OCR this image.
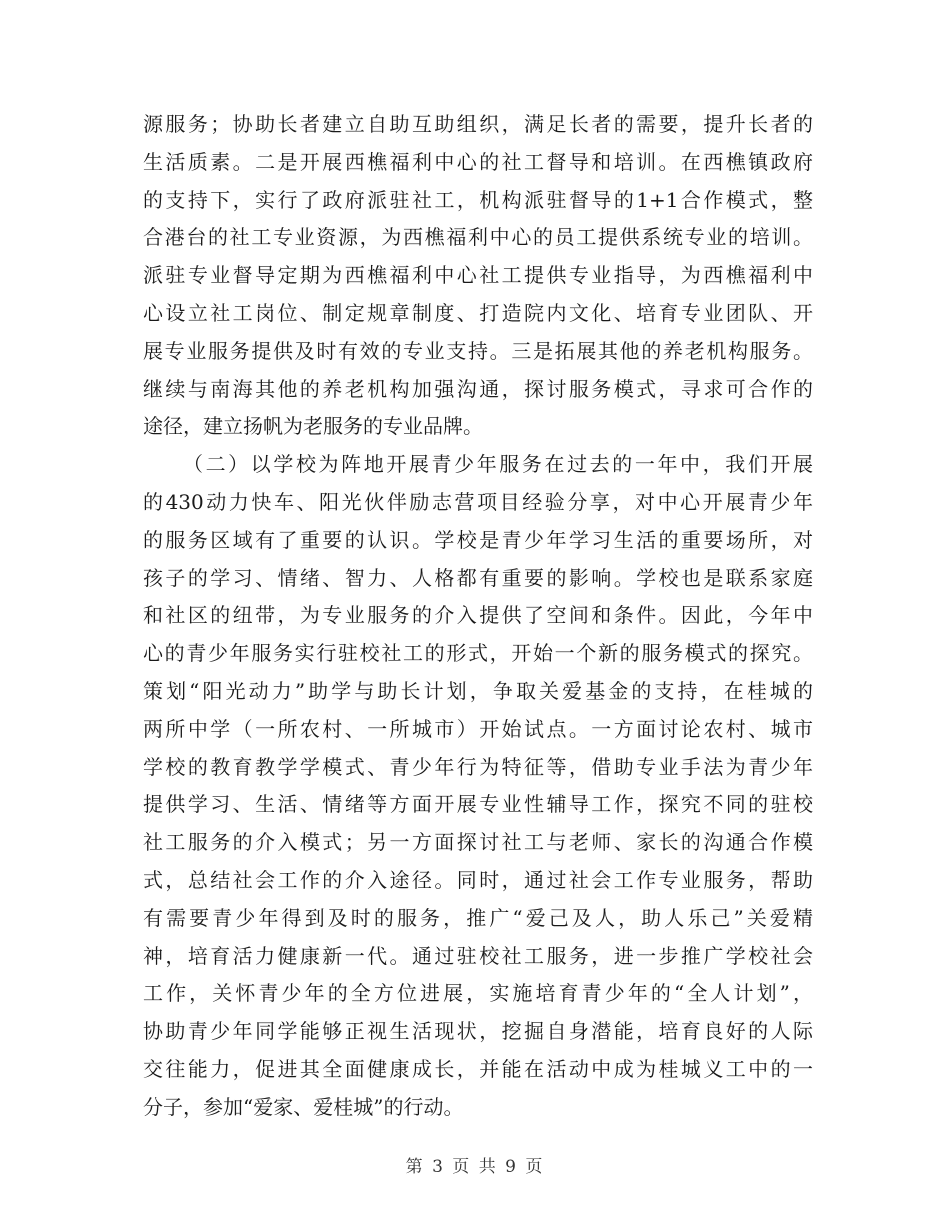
源服务；协助长者建立自助互助组织，满足长者的需要，提升长者的
生活质素。二是开展西樵福利中心的社工督导和培训。在西樵镇政府
的支持下，实行了政府派驻社工，机构派驻督导的1+1合作模式，整
合港台的社工专业资源，为西樵福利中心的员工提供系统专业的培训。
派驻专业督导定期为西樵福利中心社工提供专业指导，为西樵福利中
心设立社工岗位、制定规章制度、打造院内文化、培育专业团队、开
展专业服务提供及时有效的专业支持。三是拓展其他的养老机构服务。
继续与南海其他的养老机构加强沟通，探讨服务模式，寻求可合作的
途径，建立扬帆为老服务的专业品牌。
（二）以学校为阵地开展青少年服务在过去的一年中，我们开展
的430动力快车、阳光伙伴励志营项目经验分享，对中心开展青少年
的服务区域有了重要的认识。学校是青少年学习生活的重要场所，对
孩子的学习、情绪、智力、人格都有重要的影响。学校也是联系家庭
和社区的纽带，为专业服务的介入提供了空间和条件。因此，今年中
心的青少年服务实行驻校社工的形式，开始一个新的服务模式的探究。
策划“阳光动力”助学与助长计划，争取关爱基金的支持，在桂城的
两所中学（一所农村、一所城市）开始试点。一方面讨论农村、城市
学校的教育教学学模式、青少年行为特征等，借助专业手法为青少年
提供学习、生活、情绪等方面开展专业性辅导工作，探究不同的驻校
社工服务的介入模式；另一方面探讨社工与老师、家长的沟通合作模
式，总结社会工作的介入途径。同时，通过社会工作专业服务，帮助
有需要青少年得到及时的服务，推广“爱己及人，助人乐己”关爱精
神，培育活力健康新一代。通过驻校社工服务，进一步推广学校社会
工作，关怀青少年的全方位进展，实施培育青少年的“全人计划”，
协助青少年同学能够正视生活现状，挖掘自身潜能，培育良好的人际
交往能力，促进其全面健康成长，并能在活动中成为桂城义工中的一
分子，参加“爱家、爱桂城”的行动。
第 3 页 共 9 页
